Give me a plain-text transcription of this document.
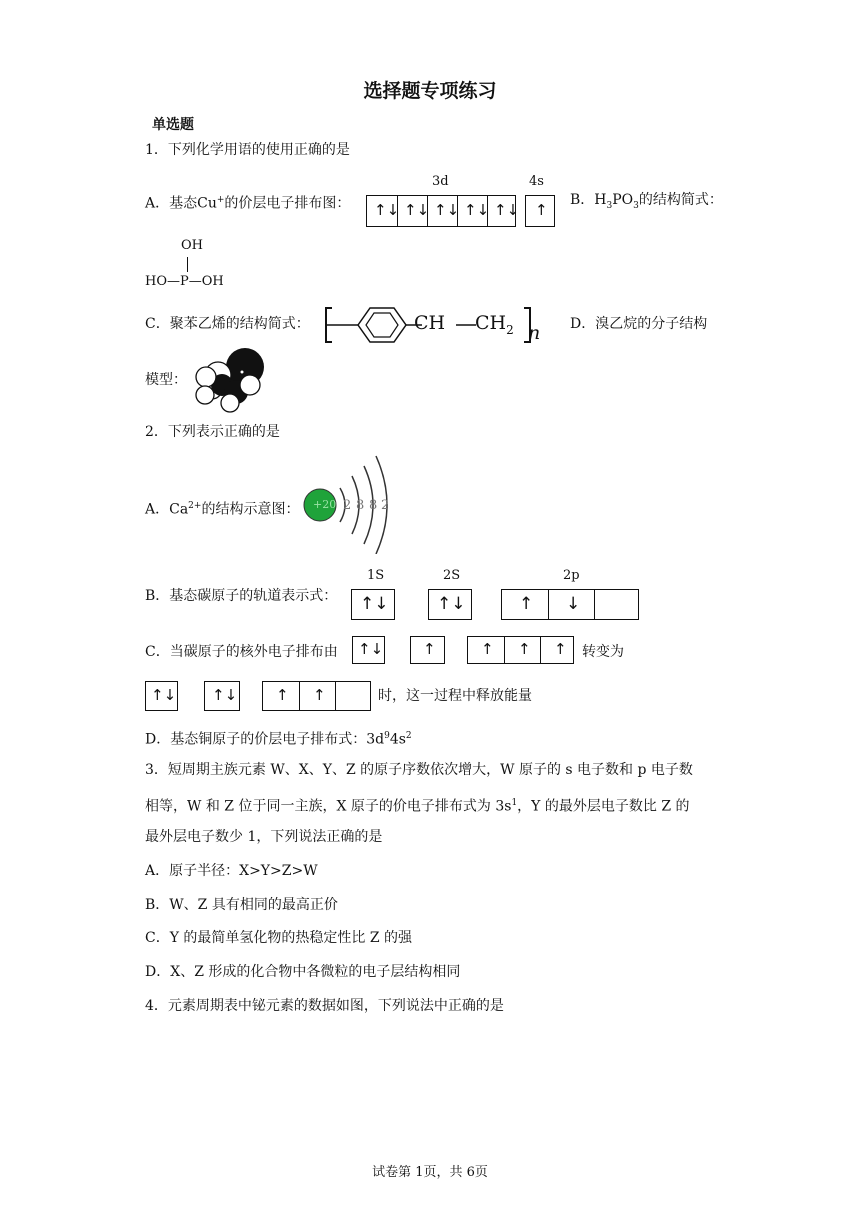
选择题专项练习
单选题
1．下列化学用语的使用正确的是
A．基态Cu+的价层电子排布图：
3d	4s
↑↓ ↑↓ ↑↓ ↑↓ ↑↓ ↑
B．$H_3PO_3$的结构简式：
OH
HO—P—OH
C．聚苯乙烯的结构简式：	CH $CH_2$ n D．溴乙烷的分子结构
模型：
2．下列表示正确的是
A．$Ca^{2+}$的结构示意图： +20 2 8 8 2
B．基态碳原子的轨道表示式：
1S	2S	2p
↑↓	↑↓	↑ ↓
C．当碳原子的核外电子排布由 ↑↓	↑	↑ ↑ ↑ 转变为
↑↓ ↑↓	↑ ↑	时，这一过程中释放能量
D．基态铜原子的价层电子排布式：$3d^94s^2$
3．短周期主族元素 W、X、Y、Z 的原子序数依次增大，W 原子的 s 电子数和 p 电子数
相等，W 和 Z 位于同一主族，X 原子的价电子排布式为 $3s^1$，Y 的最外层电子数比 Z 的
最外层电子数少 1，下列说法正确的是
A．原子半径：X>Y>Z>W
B．W、Z 具有相同的最高正价
C．Y 的最简单氢化物的热稳定性比 Z 的强
D．X、Z 形成的化合物中各微粒的电子层结构相同
4．元素周期表中铋元素的数据如图，下列说法中正确的是
试卷第 1页，共 6页
